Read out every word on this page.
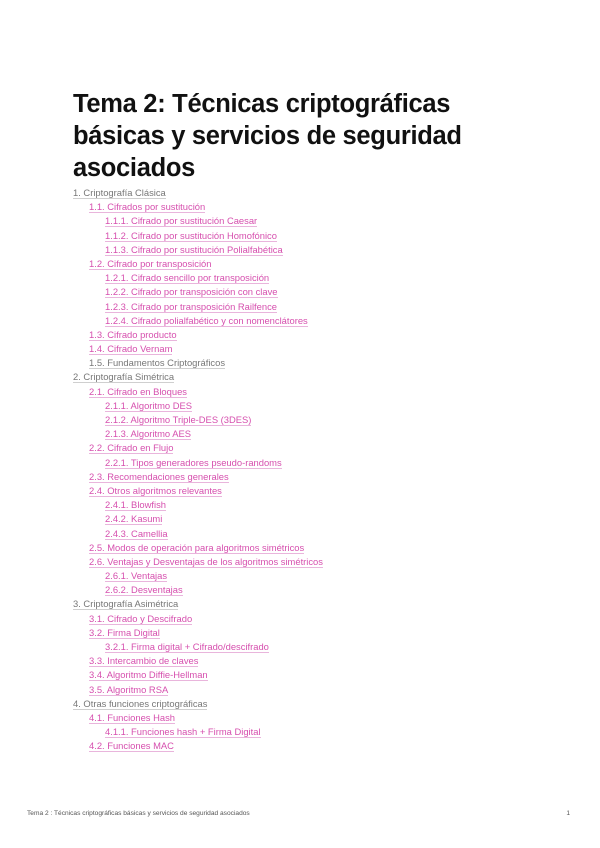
Tema 2: Técnicas criptográficas básicas y servicios de seguridad asociados
1. Criptografía Clásica
1.1. Cifrados por sustitución
1.1.1. Cifrado por sustitución Caesar
1.1.2. Cifrado por sustitución Homofónico
1.1.3. Cifrado por sustitución Polialfabética
1.2. Cifrado por transposición
1.2.1. Cifrado sencillo por transposición
1.2.2. Cifrado por transposición con clave
1.2.3. Cifrado por transposición Railfence
1.2.4. Cifrado polialfabético y con nomenclátores
1.3. Cifrado producto
1.4. Cifrado Vernam
1.5. Fundamentos Criptográficos
2. Criptografía Simétrica
2.1. Cifrado en Bloques
2.1.1. Algoritmo DES
2.1.2. Algoritmo Triple-DES (3DES)
2.1.3. Algoritmo AES
2.2. Cifrado en Flujo
2.2.1. Tipos generadores pseudo-randoms
2.3. Recomendaciones generales
2.4. Otros algoritmos relevantes
2.4.1. Blowfish
2.4.2. Kasumi
2.4.3. Camellia
2.5. Modos de operación para algoritmos simétricos
2.6. Ventajas y Desventajas de los algoritmos simétricos
2.6.1. Ventajas
2.6.2. Desventajas
3. Criptografía Asimétrica
3.1. Cifrado y Descifrado
3.2. Firma Digital
3.2.1. Firma digital + Cifrado/descifrado
3.3. Intercambio de claves
3.4. Algoritmo Diffie-Hellman
3.5. Algoritmo RSA
4. Otras funciones criptográficas
4.1. Funciones Hash
4.1.1. Funciones hash + Firma Digital
4.2. Funciones MAC
Tema 2 : Técnicas criptográficas básicas y servicios de seguridad asociados	1
